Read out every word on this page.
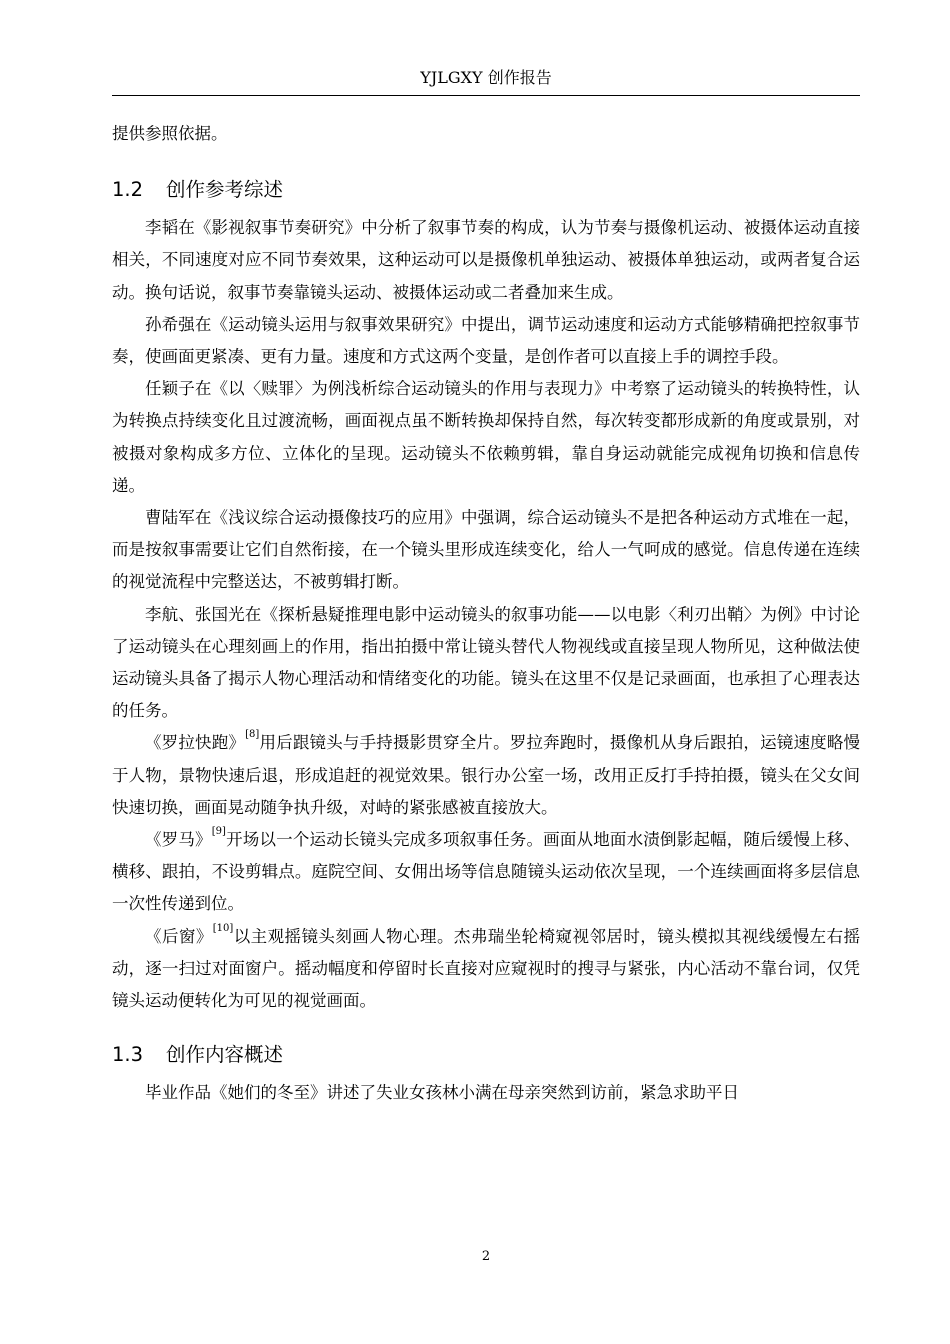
YJLGXY 创作报告

提供参照依据。

1.2 创作参考综述

李韬在《影视叙事节奏研究》中分析了叙事节奏的构成，认为节奏与摄像机运动、被摄体运动直接相关，不同速度对应不同节奏效果，这种运动可以是摄像机单独运动、被摄体单独运动，或两者复合运动。换句话说，叙事节奏靠镜头运动、被摄体运动或二者叠加来生成。

孙希强在《运动镜头运用与叙事效果研究》中提出，调节运动速度和运动方式能够精确把控叙事节奏，使画面更紧凑、更有力量。速度和方式这两个变量，是创作者可以直接上手的调控手段。

任颖子在《以〈赎罪〉为例浅析综合运动镜头的作用与表现力》中考察了运动镜头的转换特性，认为转换点持续变化且过渡流畅，画面视点虽不断转换却保持自然，每次转变都形成新的角度或景别，对被摄对象构成多方位、立体化的呈现。运动镜头不依赖剪辑，靠自身运动就能完成视角切换和信息传递。

曹陆军在《浅议综合运动摄像技巧的应用》中强调，综合运动镜头不是把各种运动方式堆在一起，而是按叙事需要让它们自然衔接，在一个镜头里形成连续变化，给人一气呵成的感觉。信息传递在连续的视觉流程中完整送达，不被剪辑打断。

李航、张国光在《探析悬疑推理电影中运动镜头的叙事功能——以电影〈利刃出鞘〉为例》中讨论了运动镜头在心理刻画上的作用，指出拍摄中常让镜头替代人物视线或直接呈现人物所见，这种做法使运动镜头具备了揭示人物心理活动和情绪变化的功能。镜头在这里不仅是记录画面，也承担了心理表达的任务。

《罗拉快跑》[8]用后跟镜头与手持摄影贯穿全片。罗拉奔跑时，摄像机从身后跟拍，运镜速度略慢于人物，景物快速后退，形成追赶的视觉效果。银行办公室一场，改用正反打手持拍摄，镜头在父女间快速切换，画面晃动随争执升级，对峙的紧张感被直接放大。

《罗马》[9]开场以一个运动长镜头完成多项叙事任务。画面从地面水渍倒影起幅，随后缓慢上移、横移、跟拍，不设剪辑点。庭院空间、女佣出场等信息随镜头运动依次呈现，一个连续画面将多层信息一次性传递到位。

《后窗》[10]以主观摇镜头刻画人物心理。杰弗瑞坐轮椅窥视邻居时，镜头模拟其视线缓慢左右摇动，逐一扫过对面窗户。摇动幅度和停留时长直接对应窥视时的搜寻与紧张，内心活动不靠台词，仅凭镜头运动便转化为可见的视觉画面。

1.3 创作内容概述

毕业作品《她们的冬至》讲述了失业女孩林小满在母亲突然到访前，紧急求助平日

2
